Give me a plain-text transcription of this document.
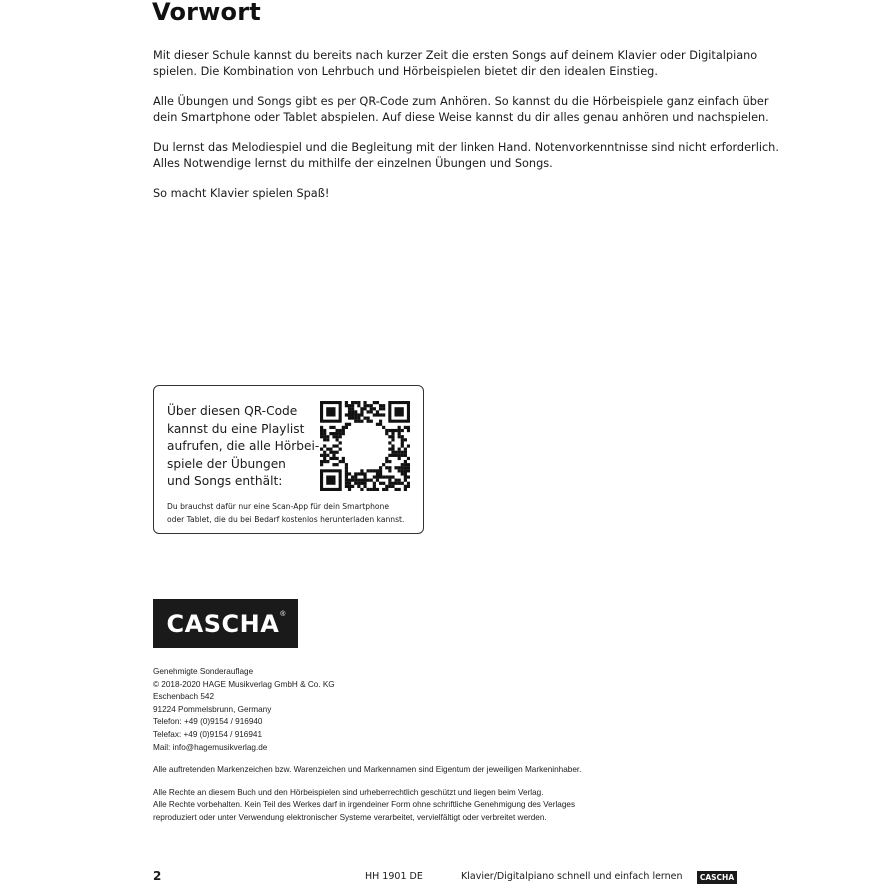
Vorwort

Mit dieser Schule kannst du bereits nach kurzer Zeit die ersten Songs auf deinem Klavier oder Digitalpiano
spielen. Die Kombination von Lehrbuch und Hörbeispielen bietet dir den idealen Einstieg.

Alle Übungen und Songs gibt es per QR-Code zum Anhören. So kannst du die Hörbeispiele ganz einfach über
dein Smartphone oder Tablet abspielen. Auf diese Weise kannst du dir alles genau anhören und nachspielen.

Du lernst das Melodiespiel und die Begleitung mit der linken Hand. Notenvorkenntnisse sind nicht erforderlich.
Alles Notwendige lernst du mithilfe der einzelnen Übungen und Songs.

So macht Klavier spielen Spaß!

Über diesen QR-Code
kannst du eine Playlist
aufrufen, die alle Hörbei-
spiele der Übungen
und Songs enthält:
Du brauchst dafür nur eine Scan-App für dein Smartphone
oder Tablet, die du bei Bedarf kostenlos herunterladen kannst.
CASCHA ®
Genehmigte Sonderauflage
© 2018-2020 HAGE Musikverlag GmbH & Co. KG
Eschenbach 542
91224 Pommelsbrunn, Germany
Telefon: +49 (0)9154 / 916940
Telefax: +49 (0)9154 / 916941
Mail: info@hagemusikverlag.de
Alle auftretenden Markenzeichen bzw. Warenzeichen und Markennamen sind Eigentum der jeweiligen Markeninhaber.
Alle Rechte an diesem Buch und den Hörbeispielen sind urheberrechtlich geschützt und liegen beim Verlag.
Alle Rechte vorbehalten. Kein Teil des Werkes darf in irgendeiner Form ohne schriftliche Genehmigung des Verlages
reproduziert oder unter Verwendung elektronischer Systeme verarbeitet, vervielfältigt oder verbreitet werden.
2	HH 1901 DE	Klavier/Digitalpiano schnell und einfach lernen	CASCHA
